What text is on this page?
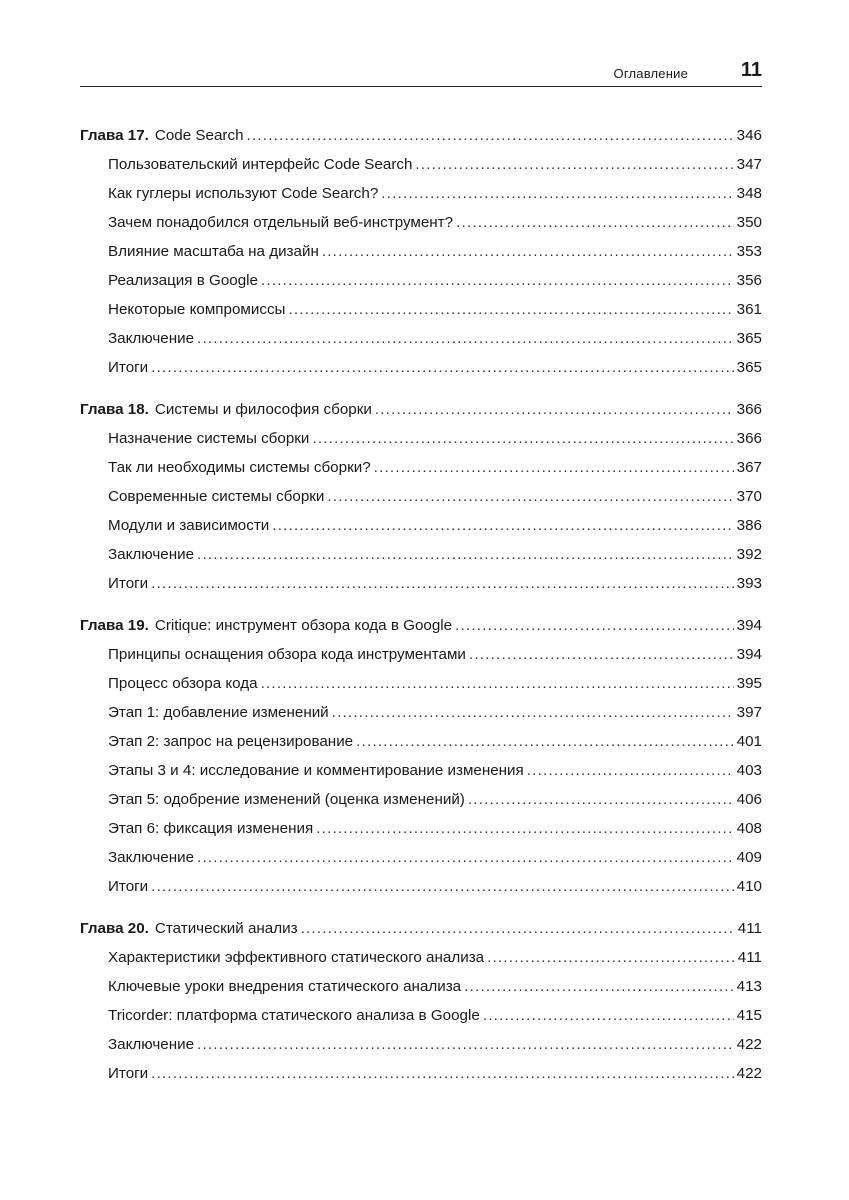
Оглавление	11
Глава 17. Code Search .....	346
Пользовательский интерфейс Code Search .....	347
Как гуглеры используют Code Search? .....	348
Зачем понадобился отдельный веб-инструмент? .....	350
Влияние масштаба на дизайн .....	353
Реализация в Google .....	356
Некоторые компромиссы .....	361
Заключение .....	365
Итоги .....	365
Глава 18. Системы и философия сборки .....	366
Назначение системы сборки .....	366
Так ли необходимы системы сборки? .....	367
Современные системы сборки .....	370
Модули и зависимости .....	386
Заключение .....	392
Итоги .....	393
Глава 19. Critique: инструмент обзора кода в Google .....	394
Принципы оснащения обзора кода инструментами .....	394
Процесс обзора кода .....	395
Этап 1: добавление изменений .....	397
Этап 2: запрос на рецензирование .....	401
Этапы 3 и 4: исследование и комментирование изменения .....	403
Этап 5: одобрение изменений (оценка изменений) .....	406
Этап 6: фиксация изменения .....	408
Заключение .....	409
Итоги .....	410
Глава 20. Статический анализ .....	411
Характеристики эффективного статического анализа .....	411
Ключевые уроки внедрения статического анализа .....	413
Tricorder: платформа статического анализа в Google .....	415
Заключение .....	422
Итоги .....	422
